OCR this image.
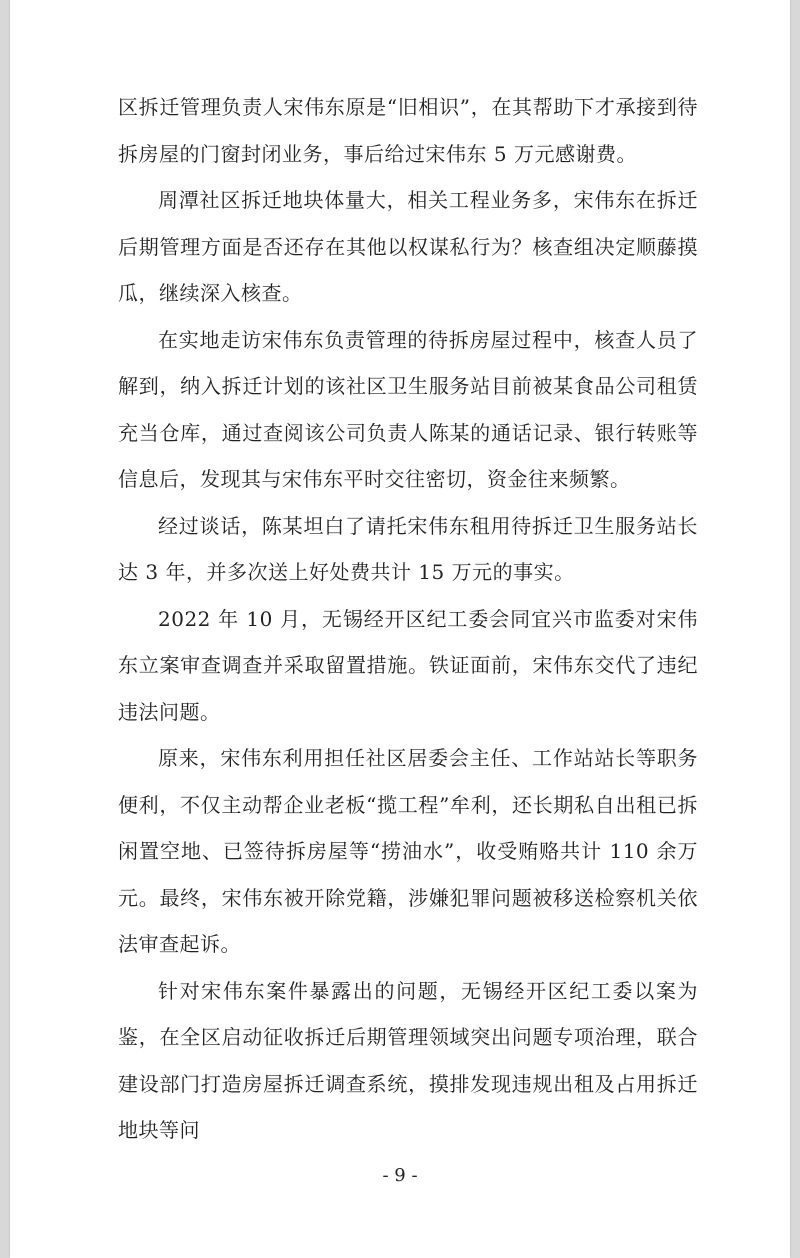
区拆迁管理负责人宋伟东原是“旧相识”，在其帮助下才承接到待拆房屋的门窗封闭业务，事后给过宋伟东 5 万元感谢费。

周潭社区拆迁地块体量大，相关工程业务多，宋伟东在拆迁后期管理方面是否还存在其他以权谋私行为？核查组决定顺藤摸瓜，继续深入核查。

在实地走访宋伟东负责管理的待拆房屋过程中，核查人员了解到，纳入拆迁计划的该社区卫生服务站目前被某食品公司租赁充当仓库，通过查阅该公司负责人陈某的通话记录、银行转账等信息后，发现其与宋伟东平时交往密切，资金往来频繁。

经过谈话，陈某坦白了请托宋伟东租用待拆迁卫生服务站长达 3 年，并多次送上好处费共计 15 万元的事实。

2022 年 10 月，无锡经开区纪工委会同宜兴市监委对宋伟东立案审查调查并采取留置措施。铁证面前，宋伟东交代了违纪违法问题。

原来，宋伟东利用担任社区居委会主任、工作站站长等职务便利，不仅主动帮企业老板“揽工程”牟利，还长期私自出租已拆闲置空地、已签待拆房屋等“捞油水”，收受贿赂共计 110 余万元。最终，宋伟东被开除党籍，涉嫌犯罪问题被移送检察机关依法审查起诉。

针对宋伟东案件暴露出的问题，无锡经开区纪工委以案为鉴，在全区启动征收拆迁后期管理领域突出问题专项治理，联合建设部门打造房屋拆迁调查系统，摸排发现违规出租及占用拆迁地块等问

- 9 -
